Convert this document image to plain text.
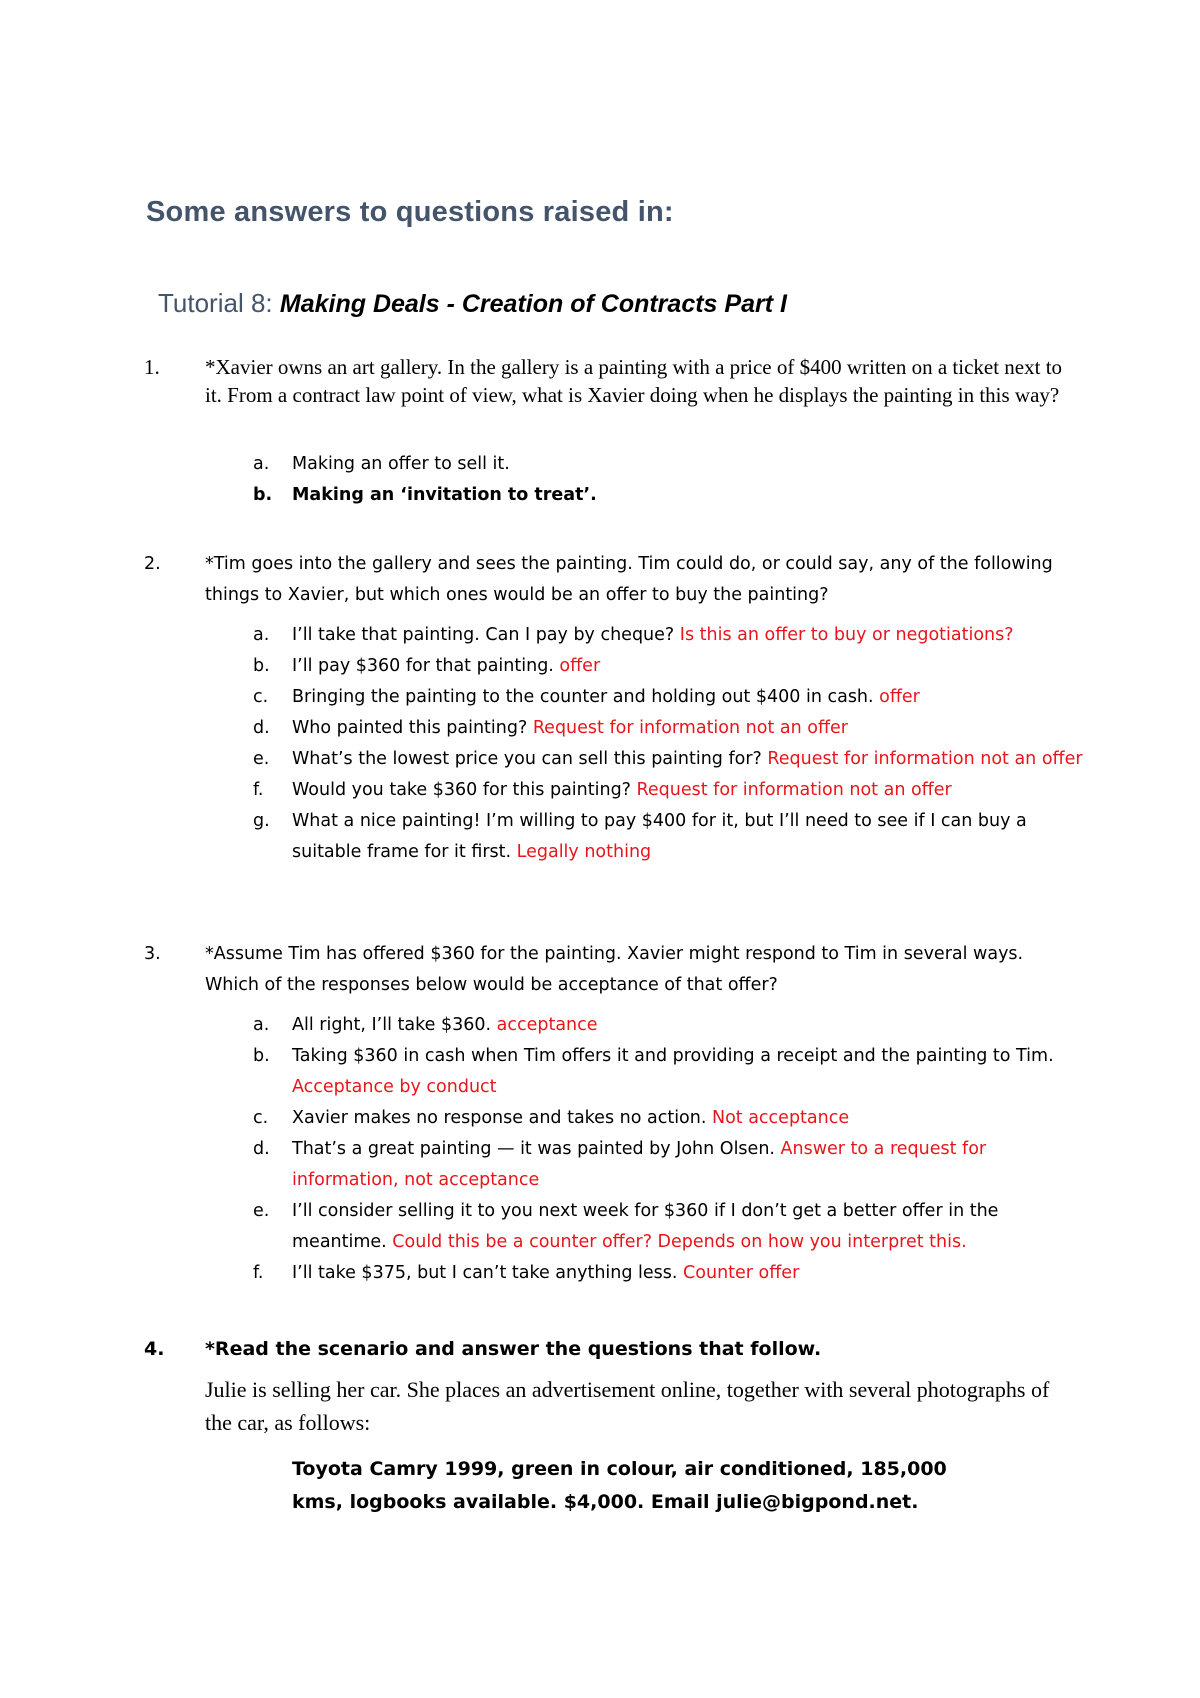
Some answers to questions raised in:
Tutorial 8: Making Deals - Creation of Contracts Part I
1. *Xavier owns an art gallery. In the gallery is a painting with a price of $400 written on a ticket next to it. From a contract law point of view, what is Xavier doing when he displays the painting in this way?
a. Making an offer to sell it.
b. Making an ‘invitation to treat’.
2.	*Tim goes into the gallery and sees the painting. Tim could do, or could say, any of the following things to Xavier, but which ones would be an offer to buy the painting?
a. I’ll take that painting. Can I pay by cheque? Is this an offer to buy or negotiations?
b. I’ll pay $360 for that painting. offer
c. Bringing the painting to the counter and holding out $400 in cash. offer
d. Who painted this painting? Request for information not an offer
e. What’s the lowest price you can sell this painting for? Request for information not an offer
f. Would you take $360 for this painting? Request for information not an offer
g. What a nice painting! I’m willing to pay $400 for it, but I’ll need to see if I can buy a suitable frame for it first. Legally nothing
3.	*Assume Tim has offered $360 for the painting. Xavier might respond to Tim in several ways. Which of the responses below would be acceptance of that offer?
a. All right, I’ll take $360. acceptance
b. Taking $360 in cash when Tim offers it and providing a receipt and the painting to Tim. Acceptance by conduct
c. Xavier makes no response and takes no action. Not acceptance
d. That’s a great painting — it was painted by John Olsen. Answer to a request for information, not acceptance
e. I’ll consider selling it to you next week for $360 if I don’t get a better offer in the meantime. Could this be a counter offer? Depends on how you interpret this.
f. I’ll take $375, but I can’t take anything less. Counter offer
4. *Read the scenario and answer the questions that follow.
Julie is selling her car. She places an advertisement online, together with several photographs of the car, as follows:
Toyota Camry 1999, green in colour, air conditioned, 185,000 kms, logbooks available. $4,000. Email julie@bigpond.net.
